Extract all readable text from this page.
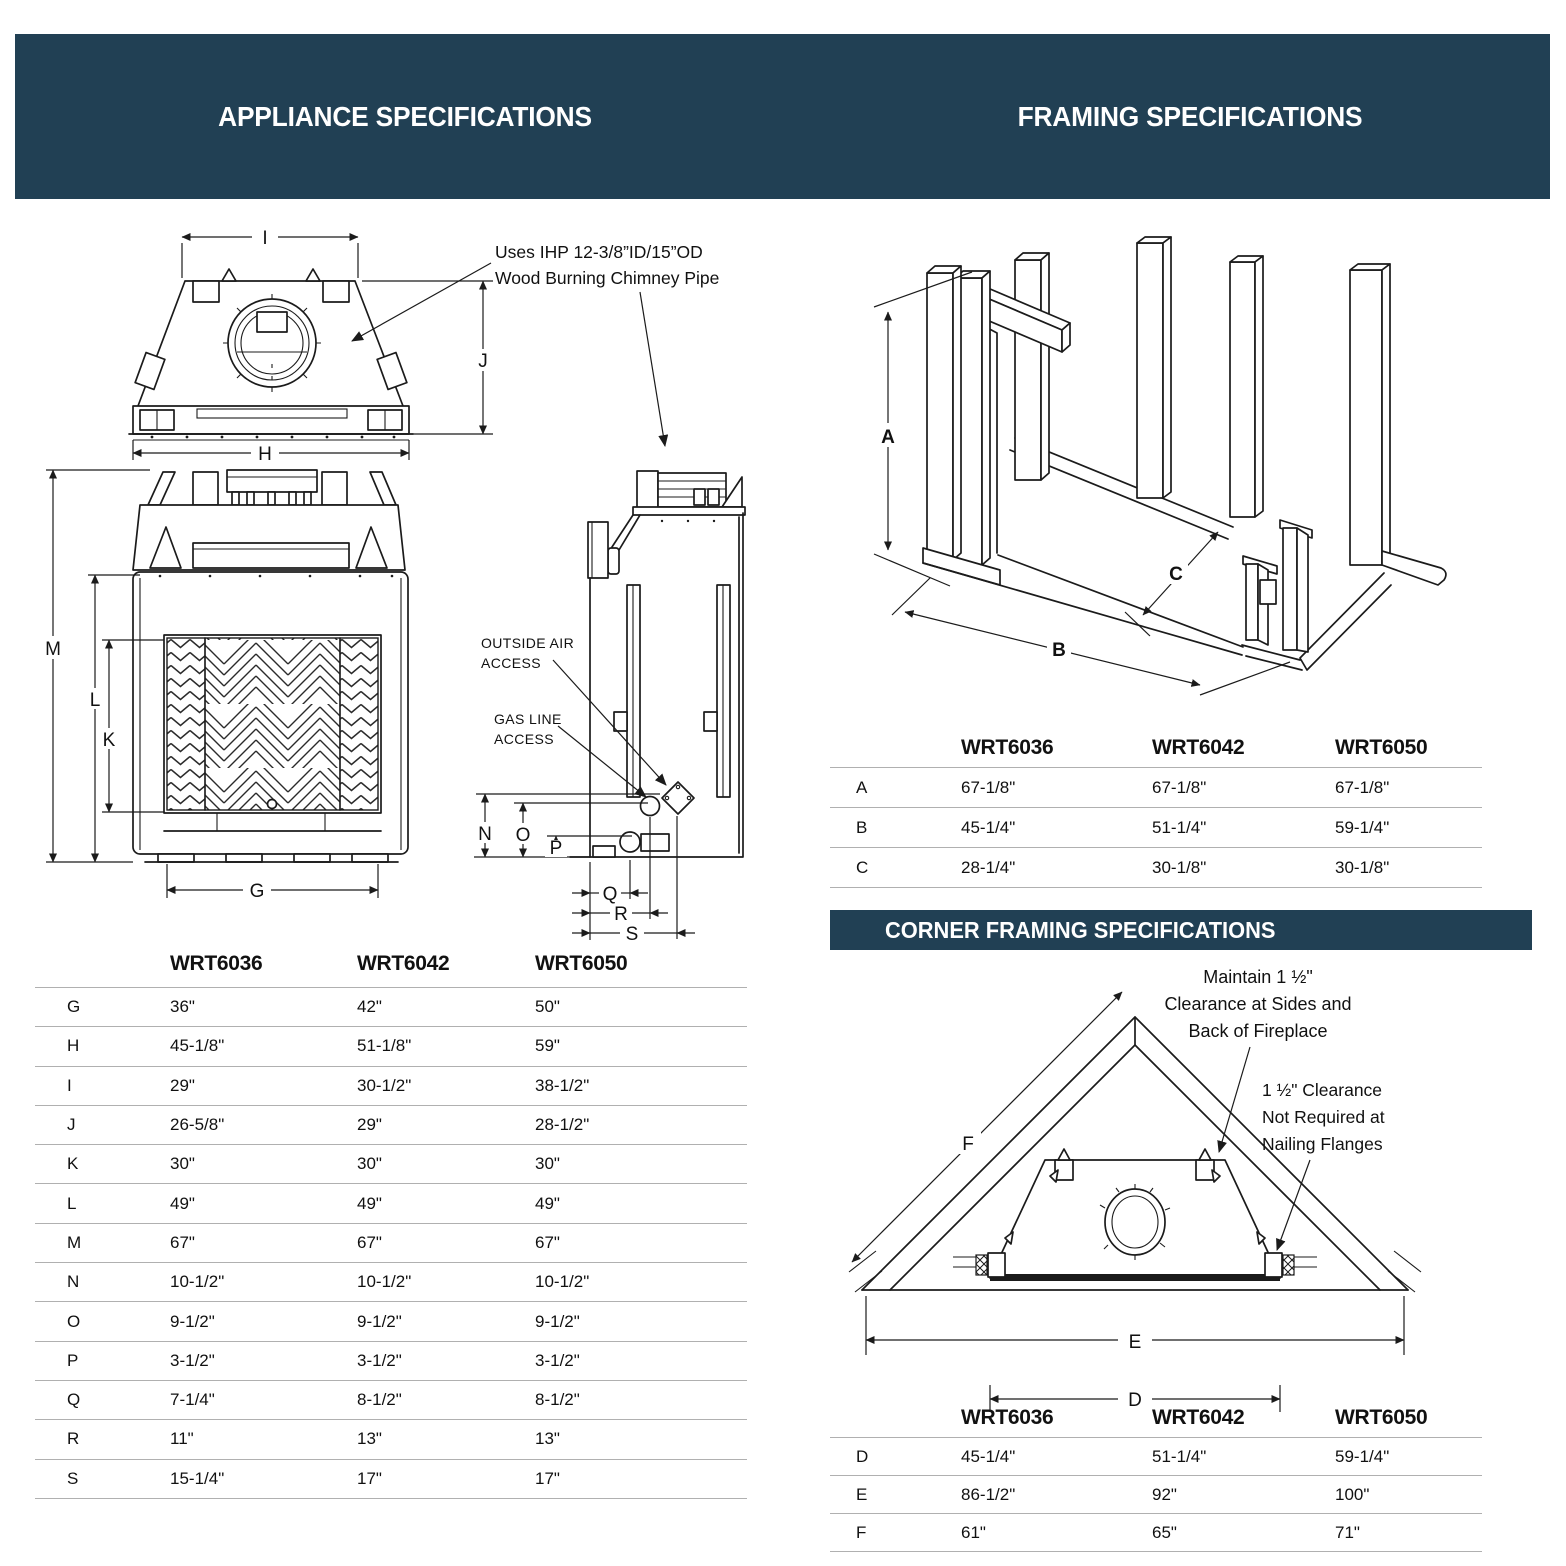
APPLIANCE SPECIFICATIONS	FRAMING SPECIFICATIONS
I
H
J
Uses IHP 12-3/8”ID/15”OD
Wood Burning Chimney Pipe
M
L
K
G
OUTSIDE AIR
ACCESS
GAS LINE
ACCESS
N O
P
Q
R
S
A
B
C
F
E
D
Maintain 1 ½"
Clearance at Sides and
Back of Fireplace
1 ½" Clearance
Not Required at
Nailing Flanges
	WRT6036	WRT6042	WRT6050
G	36"	42"	50"
H	45-1/8"	51-1/8"	59"
I	29"	30-1/2"	38-1/2"
J	26-5/8"	29"	28-1/2"
K	30"	30"	30"
L	49"	49"	49"
M	67"	67"	67"
N	10-1/2"	10-1/2"	10-1/2"
O	9-1/2"	9-1/2"	9-1/2"
P	3-1/2"	3-1/2"	3-1/2"
Q	7-1/4"	8-1/2"	8-1/2"
R	11"	13"	13"
S	15-1/4"	17"	17"
	WRT6036	WRT6042	WRT6050
A	67-1/8"	67-1/8"	67-1/8"
B	45-1/4"	51-1/4"	59-1/4"
C	28-1/4"	30-1/8"	30-1/8"
CORNER FRAMING SPECIFICATIONS
	WRT6036	WRT6042	WRT6050
D	45-1/4"	51-1/4"	59-1/4"
E	86-1/2"	92"	100"
F	61"	65"	71"
